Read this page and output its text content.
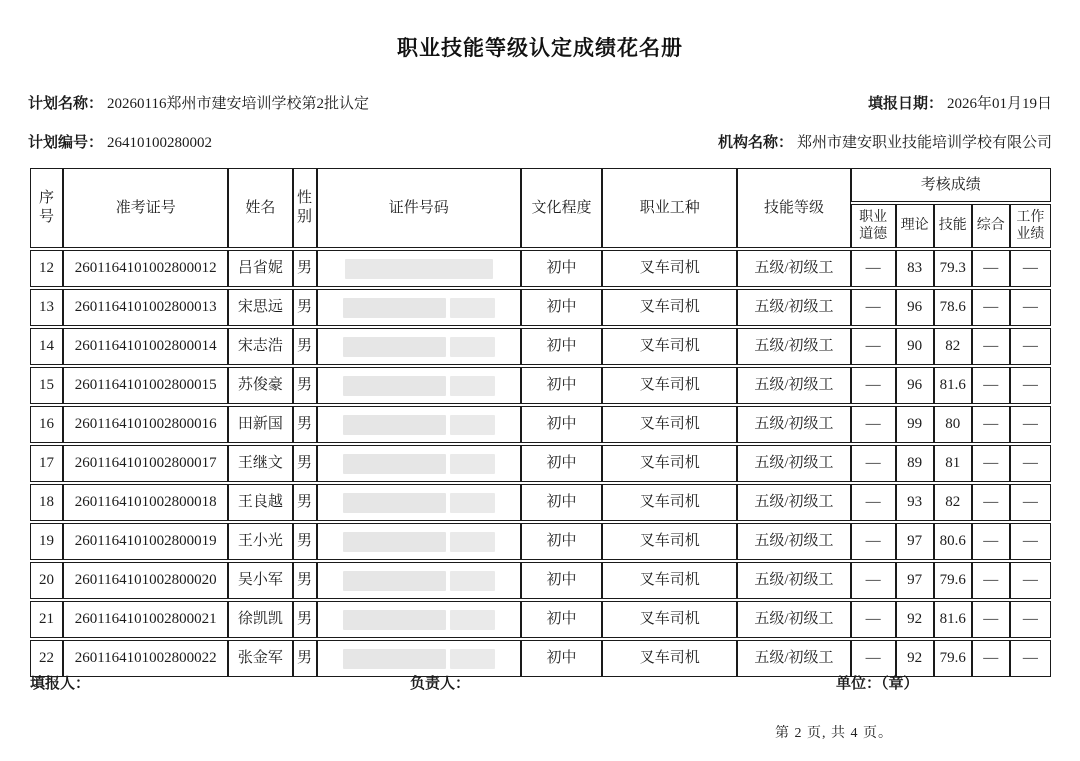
职业技能等级认定成绩花名册
计划名称： 20260116郑州市建安培训学校第2批认定	填报日期： 2026年01月19日
计划编号： 26410100280002	机构名称： 郑州市建安职业技能培训学校有限公司
序号	准考证号	姓名	性别	证件号码	文化程度	职业工种	技能等级	考核成绩				
								职业道德	理论	技能	综合	工作业绩
12	2601164101002800012	吕省妮	男		初中	叉车司机	五级/初级工	—	83	79.3	—	—
13	2601164101002800013	宋思远	男		初中	叉车司机	五级/初级工	—	96	78.6	—	—
14	2601164101002800014	宋志浩	男		初中	叉车司机	五级/初级工	—	90	82	—	—
15	2601164101002800015	苏俊豪	男		初中	叉车司机	五级/初级工	—	96	81.6	—	—
16	2601164101002800016	田新国	男		初中	叉车司机	五级/初级工	—	99	80	—	—
17	2601164101002800017	王继文	男		初中	叉车司机	五级/初级工	—	89	81	—	—
18	2601164101002800018	王良越	男		初中	叉车司机	五级/初级工	—	93	82	—	—
19	2601164101002800019	王小光	男		初中	叉车司机	五级/初级工	—	97	80.6	—	—
20	2601164101002800020	吴小军	男		初中	叉车司机	五级/初级工	—	97	79.6	—	—
21	2601164101002800021	徐凯凯	男		初中	叉车司机	五级/初级工	—	92	81.6	—	—
22	2601164101002800022	张金军	男		初中	叉车司机	五级/初级工	—	92	79.6	—	—
填报人：	负责人：	单位：（章）
第 2 页, 共 4 页。
